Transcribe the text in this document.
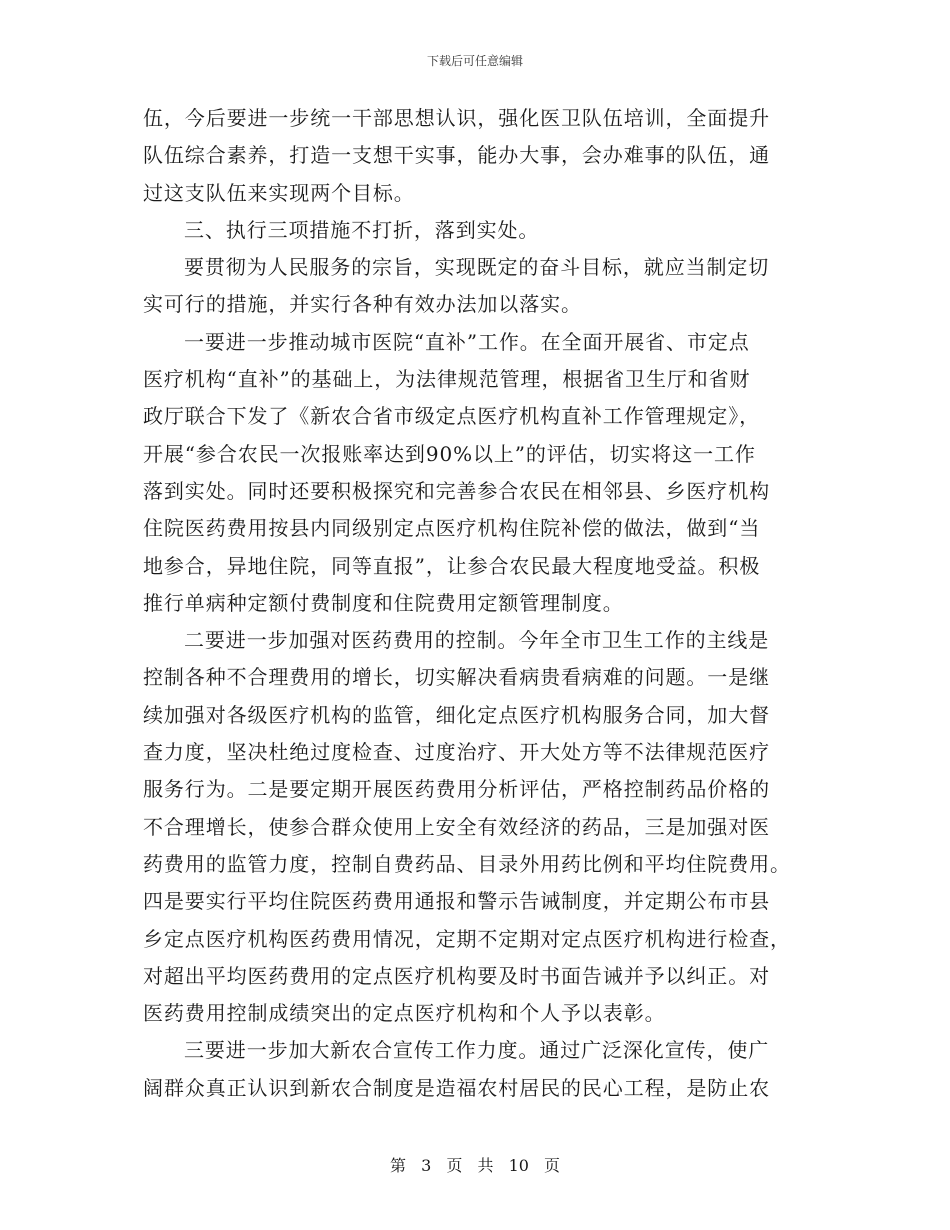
下载后可任意编辑
伍，今后要进一步统一干部思想认识，强化医卫队伍培训，全面提升
队伍综合素养，打造一支想干实事，能办大事，会办难事的队伍，通
过这支队伍来实现两个目标。
三、执行三项措施不打折，落到实处。
要贯彻为人民服务的宗旨，实现既定的奋斗目标，就应当制定切
实可行的措施，并实行各种有效办法加以落实。
一要进一步推动城市医院“直补”工作。在全面开展省、市定点
医疗机构“直补”的基础上，为法律规范管理，根据省卫生厅和省财
政厅联合下发了《新农合省市级定点医疗机构直补工作管理规定》，
开展“参合农民一次报账率达到90%以上”的评估，切实将这一工作
落到实处。同时还要积极探究和完善参合农民在相邻县、乡医疗机构
住院医药费用按县内同级别定点医疗机构住院补偿的做法，做到“当
地参合，异地住院，同等直报”，让参合农民最大程度地受益。积极
推行单病种定额付费制度和住院费用定额管理制度。
二要进一步加强对医药费用的控制。今年全市卫生工作的主线是
控制各种不合理费用的增长，切实解决看病贵看病难的问题。一是继
续加强对各级医疗机构的监管，细化定点医疗机构服务合同，加大督
查力度，坚决杜绝过度检查、过度治疗、开大处方等不法律规范医疗
服务行为。二是要定期开展医药费用分析评估，严格控制药品价格的
不合理增长，使参合群众使用上安全有效经济的药品，三是加强对医
药费用的监管力度，控制自费药品、目录外用药比例和平均住院费用。
四是要实行平均住院医药费用通报和警示告诫制度，并定期公布市县
乡定点医疗机构医药费用情况，定期不定期对定点医疗机构进行检查，
对超出平均医药费用的定点医疗机构要及时书面告诫并予以纠正。对
医药费用控制成绩突出的定点医疗机构和个人予以表彰。
三要进一步加大新农合宣传工作力度。通过广泛深化宣传，使广
阔群众真正认识到新农合制度是造福农村居民的民心工程，是防止农
第 3 页 共 10 页
